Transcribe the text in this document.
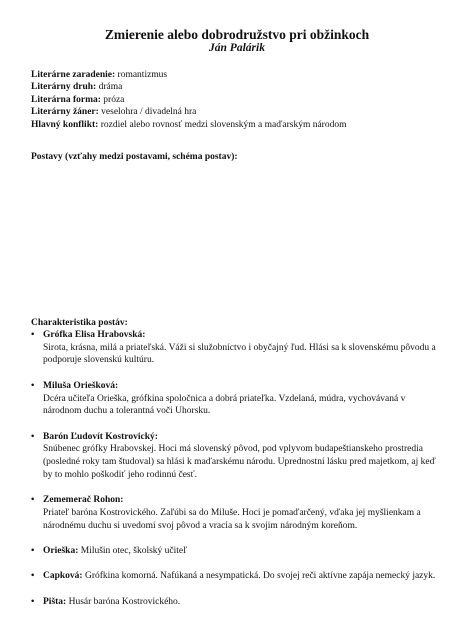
Zmierenie alebo dobrodružstvo pri obžinkoch
Ján Palárik
Literárne zaradenie: romantizmus
Literárny druh: dráma
Literárna forma: próza
Literárny žáner: veselohra / divadelná hra
Hlavný konflikt: rozdiel alebo rovnosť medzi slovenským a maďarským národom
Postavy (vzťahy medzi postavami, schéma postav):
Charakteristika postáv:
• Grófka Elisa Hrabovská:
Sirota, krásna, milá a priateľská. Váži si služobníctvo i obyčajný ľud. Hlási sa k slovenskému pôvodu a
podporuje slovenskú kultúru.
• Miluša Oriešková:
Dcéra učiteľa Orieška, grófkina spoločnica a dobrá priateľka. Vzdelaná, múdra, vychovávaná v
národnom duchu a tolerantná voči Uhorsku.
• Barón Ľudovít Kostrovický:
Snúbenec grófky Hrabovskej. Hoci má slovenský pôvod, pod vplyvom budapeštianskeho prostredia
(posledné roky tam študoval) sa hlási k maďarskému národu. Uprednostní lásku pred majetkom, aj keď
by to mohlo poškodiť jeho rodinnú česť.
• Zememerač Rohon:
Priateľ baróna Kostrovického. Zaľúbi sa do Miluše. Hoci je pomaďarčený, vďaka jej myšlienkam a
národnému duchu si uvedomí svoj pôvod a vracia sa k svojim národným koreňom.
• Orieška: Milušin otec, školský učiteľ
• Capková: Grófkina komorná. Nafúkaná a nesympatická. Do svojej reči aktívne zapája nemecký jazyk.
• Pišta: Husár baróna Kostrovického.
